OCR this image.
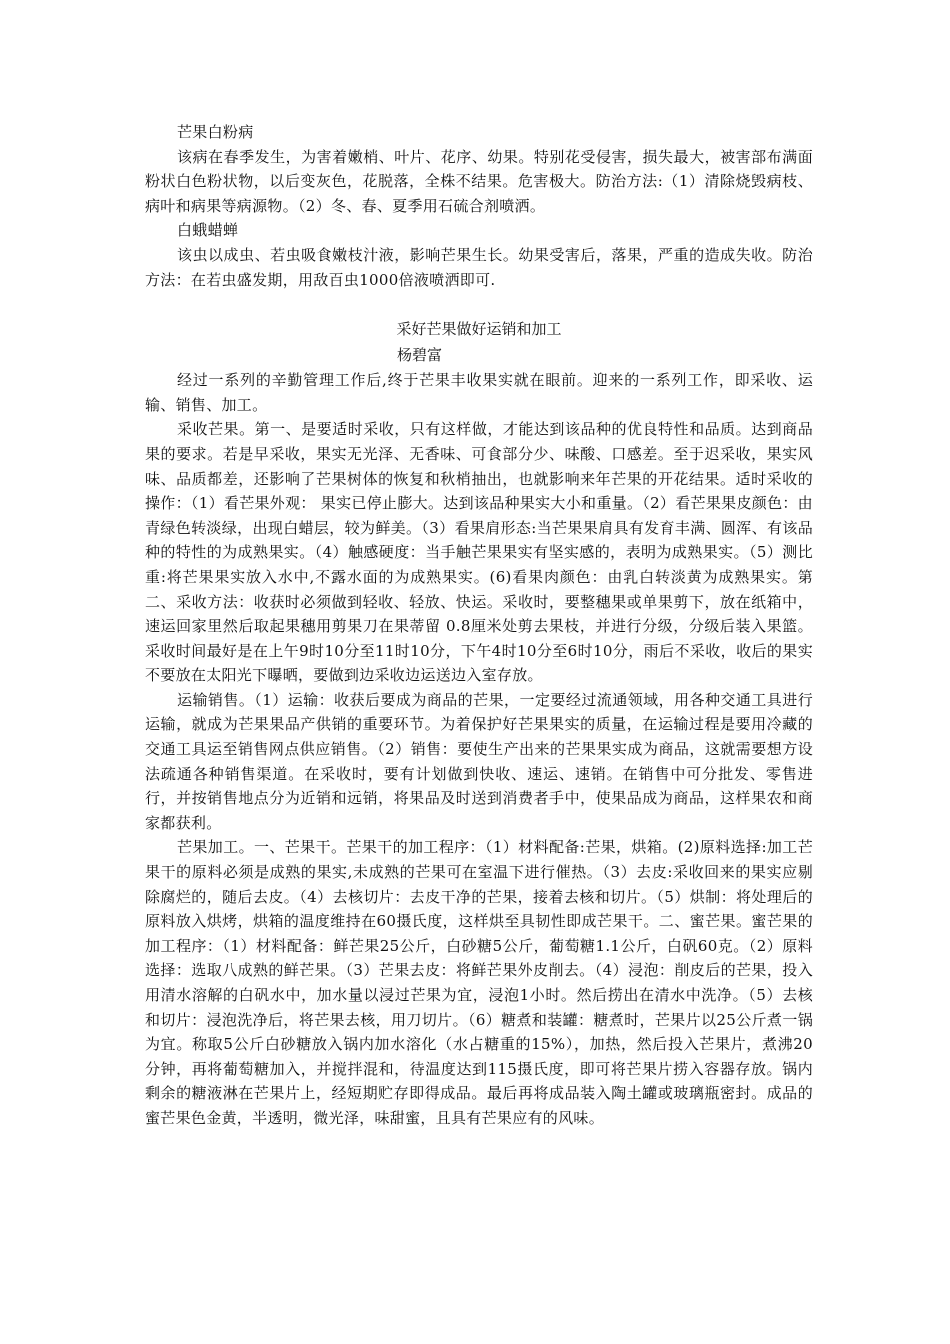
芒果白粉病

该病在春季发生，为害着嫩梢、叶片、花序、幼果。特别花受侵害，损失最大，被害部布满面粉状白色粉状物，以后变灰色，花脱落，全株不结果。危害极大。防治方法:（1）清除烧毁病枝、病叶和病果等病源物。（2）冬、春、夏季用石硫合剂喷洒。

白蛾蜡蝉

该虫以成虫、若虫吸食嫩枝汁液，影响芒果生长。幼果受害后，落果，严重的造成失收。防治方法：在若虫盛发期，用敌百虫1000倍液喷洒即可.

采好芒果做好运销和加工
杨碧富

经过一系列的辛勤管理工作后,终于芒果丰收果实就在眼前。迎来的一系列工作，即采收、运输、销售、加工。

采收芒果。第一、是要适时采收，只有这样做，才能达到该品种的优良特性和品质。达到商品果的要求。若是早采收，果实无光泽、无香味、可食部分少、味酸、口感差。至于迟采收，果实风味、品质都差，还影响了芒果树体的恢复和秋梢抽出，也就影响来年芒果的开花结果。适时采收的操作：（1）看芒果外观： 果实已停止膨大。达到该品种果实大小和重量。（2）看芒果果皮颜色：由青绿色转淡绿，出现白蜡层，较为鲜美。（3）看果肩形态:当芒果果肩具有发育丰满、圆浑、有该品种的特性的为成熟果实。（4）触感硬度：当手触芒果果实有坚实感的，表明为成熟果实。（5）测比重:将芒果果实放入水中,不露水面的为成熟果实。(6)看果肉颜色：由乳白转淡黄为成熟果实。第二、采收方法：收获时必须做到轻收、轻放、快运。采收时，要整穗果或单果剪下，放在纸箱中，速运回家里然后取起果穗用剪果刀在果蒂留 0.8厘米处剪去果枝，并进行分级，分级后装入果篮。采收时间最好是在上午9时10分至11时10分，下午4时10分至6时10分，雨后不采收，收后的果实不要放在太阳光下曝晒，要做到边采收边运送边入室存放。

运输销售。（1）运输：收获后要成为商品的芒果，一定要经过流通领域，用各种交通工具进行运输，就成为芒果果品产供销的重要环节。为着保护好芒果果实的质量，在运输过程是要用冷藏的交通工具运至销售网点供应销售。（2）销售：要使生产出来的芒果果实成为商品，这就需要想方设法疏通各种销售渠道。在采收时，要有计划做到快收、速运、速销。在销售中可分批发、零售进行，并按销售地点分为近销和远销，将果品及时送到消费者手中，使果品成为商品，这样果农和商家都获利。

芒果加工。一、芒果干。芒果干的加工程序：（1）材料配备:芒果，烘箱。(2)原料选择:加工芒果干的原料必须是成熟的果实,未成熟的芒果可在室温下进行催热。（3）去皮:采收回来的果实应剔除腐烂的，随后去皮。（4）去核切片：去皮干净的芒果，接着去核和切片。（5）烘制：将处理后的原料放入烘烤，烘箱的温度维持在60摄氏度，这样烘至具韧性即成芒果干。二、蜜芒果。蜜芒果的加工程序：（1）材料配备：鲜芒果25公斤，白砂糖5公斤，葡萄糖1.1公斤，白矾60克。（2）原料选择：选取八成熟的鲜芒果。（3）芒果去皮：将鲜芒果外皮削去。（4）浸泡：削皮后的芒果，投入用清水溶解的白矾水中，加水量以浸过芒果为宜，浸泡1小时。然后捞出在清水中洗净。（5）去核和切片：浸泡洗净后，将芒果去核，用刀切片。（6）糖煮和装罐：糖煮时，芒果片以25公斤煮一锅为宜。称取5公斤白砂糖放入锅内加水溶化（水占糖重的15%），加热，然后投入芒果片，煮沸20分钟，再将葡萄糖加入，并搅拌混和，待温度达到115摄氏度，即可将芒果片捞入容器存放。锅内剩余的糖液淋在芒果片上，经短期贮存即得成品。最后再将成品装入陶土罐或玻璃瓶密封。成品的蜜芒果色金黄，半透明，微光泽，味甜蜜，且具有芒果应有的风味。
